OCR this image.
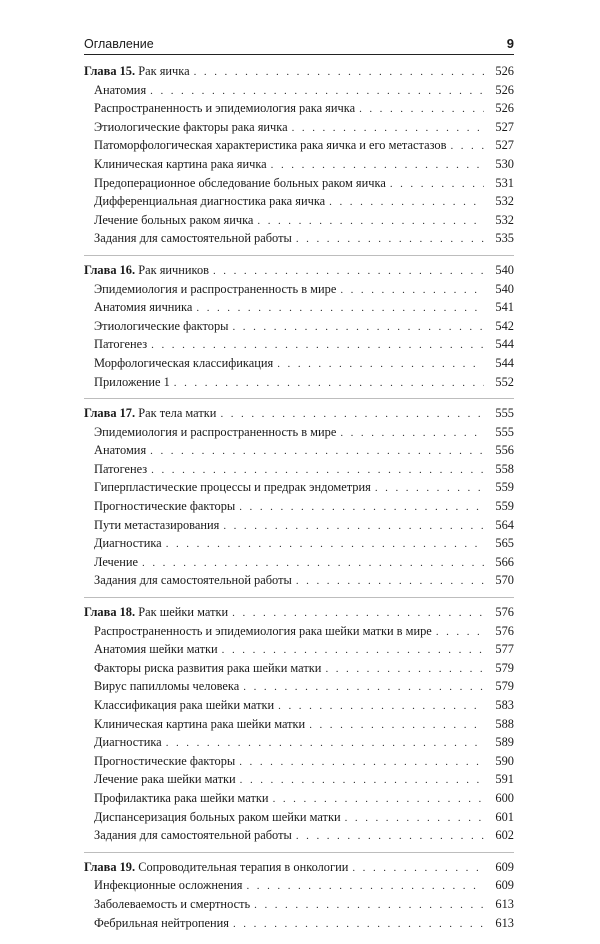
Оглавление	9
Глава 15. Рак яичка . . .	526
Анатомия . . .	526
Распространенность и эпидемиология рака яичка . . .	526
Этиологические факторы рака яичка . . .	527
Патоморфологическая характеристика рака яичка и его метастазов . . .	527
Клиническая картина рака яичка . . .	530
Предоперационное обследование больных раком яичка . . .	531
Дифференциальная диагностика рака яичка . . .	532
Лечение больных раком яичка . . .	532
Задания для самостоятельной работы . . .	535
Глава 16. Рак яичников . . .	540
Эпидемиология и распространенность в мире . . .	540
Анатомия яичника . . .	541
Этиологические факторы . . .	542
Патогенез . . .	544
Морфологическая классификация . . .	544
Приложение 1 . . .	552
Глава 17. Рак тела матки . . .	555
Эпидемиология и распространенность в мире . . .	555
Анатомия . . .	556
Патогенез . . .	558
Гиперпластические процессы и предрак эндометрия . . .	559
Прогностические факторы . . .	559
Пути метастазирования . . .	564
Диагностика . . .	565
Лечение . . .	566
Задания для самостоятельной работы . . .	570
Глава 18. Рак шейки матки . . .	576
Распространенность и эпидемиология рака шейки матки в мире . . .	576
Анатомия шейки матки . . .	577
Факторы риска развития рака шейки матки . . .	579
Вирус папилломы человека . . .	579
Классификация рака шейки матки . . .	583
Клиническая картина рака шейки матки . . .	588
Диагностика . . .	589
Прогностические факторы . . .	590
Лечение рака шейки матки . . .	591
Профилактика рака шейки матки . . .	600
Диспансеризация больных раком шейки матки . . .	601
Задания для самостоятельной работы . . .	602
Глава 19. Сопроводительная терапия в онкологии . . .	609
Инфекционные осложнения . . .	609
Заболеваемость и смертность . . .	613
Фебрильная нейтропения . . .	613
